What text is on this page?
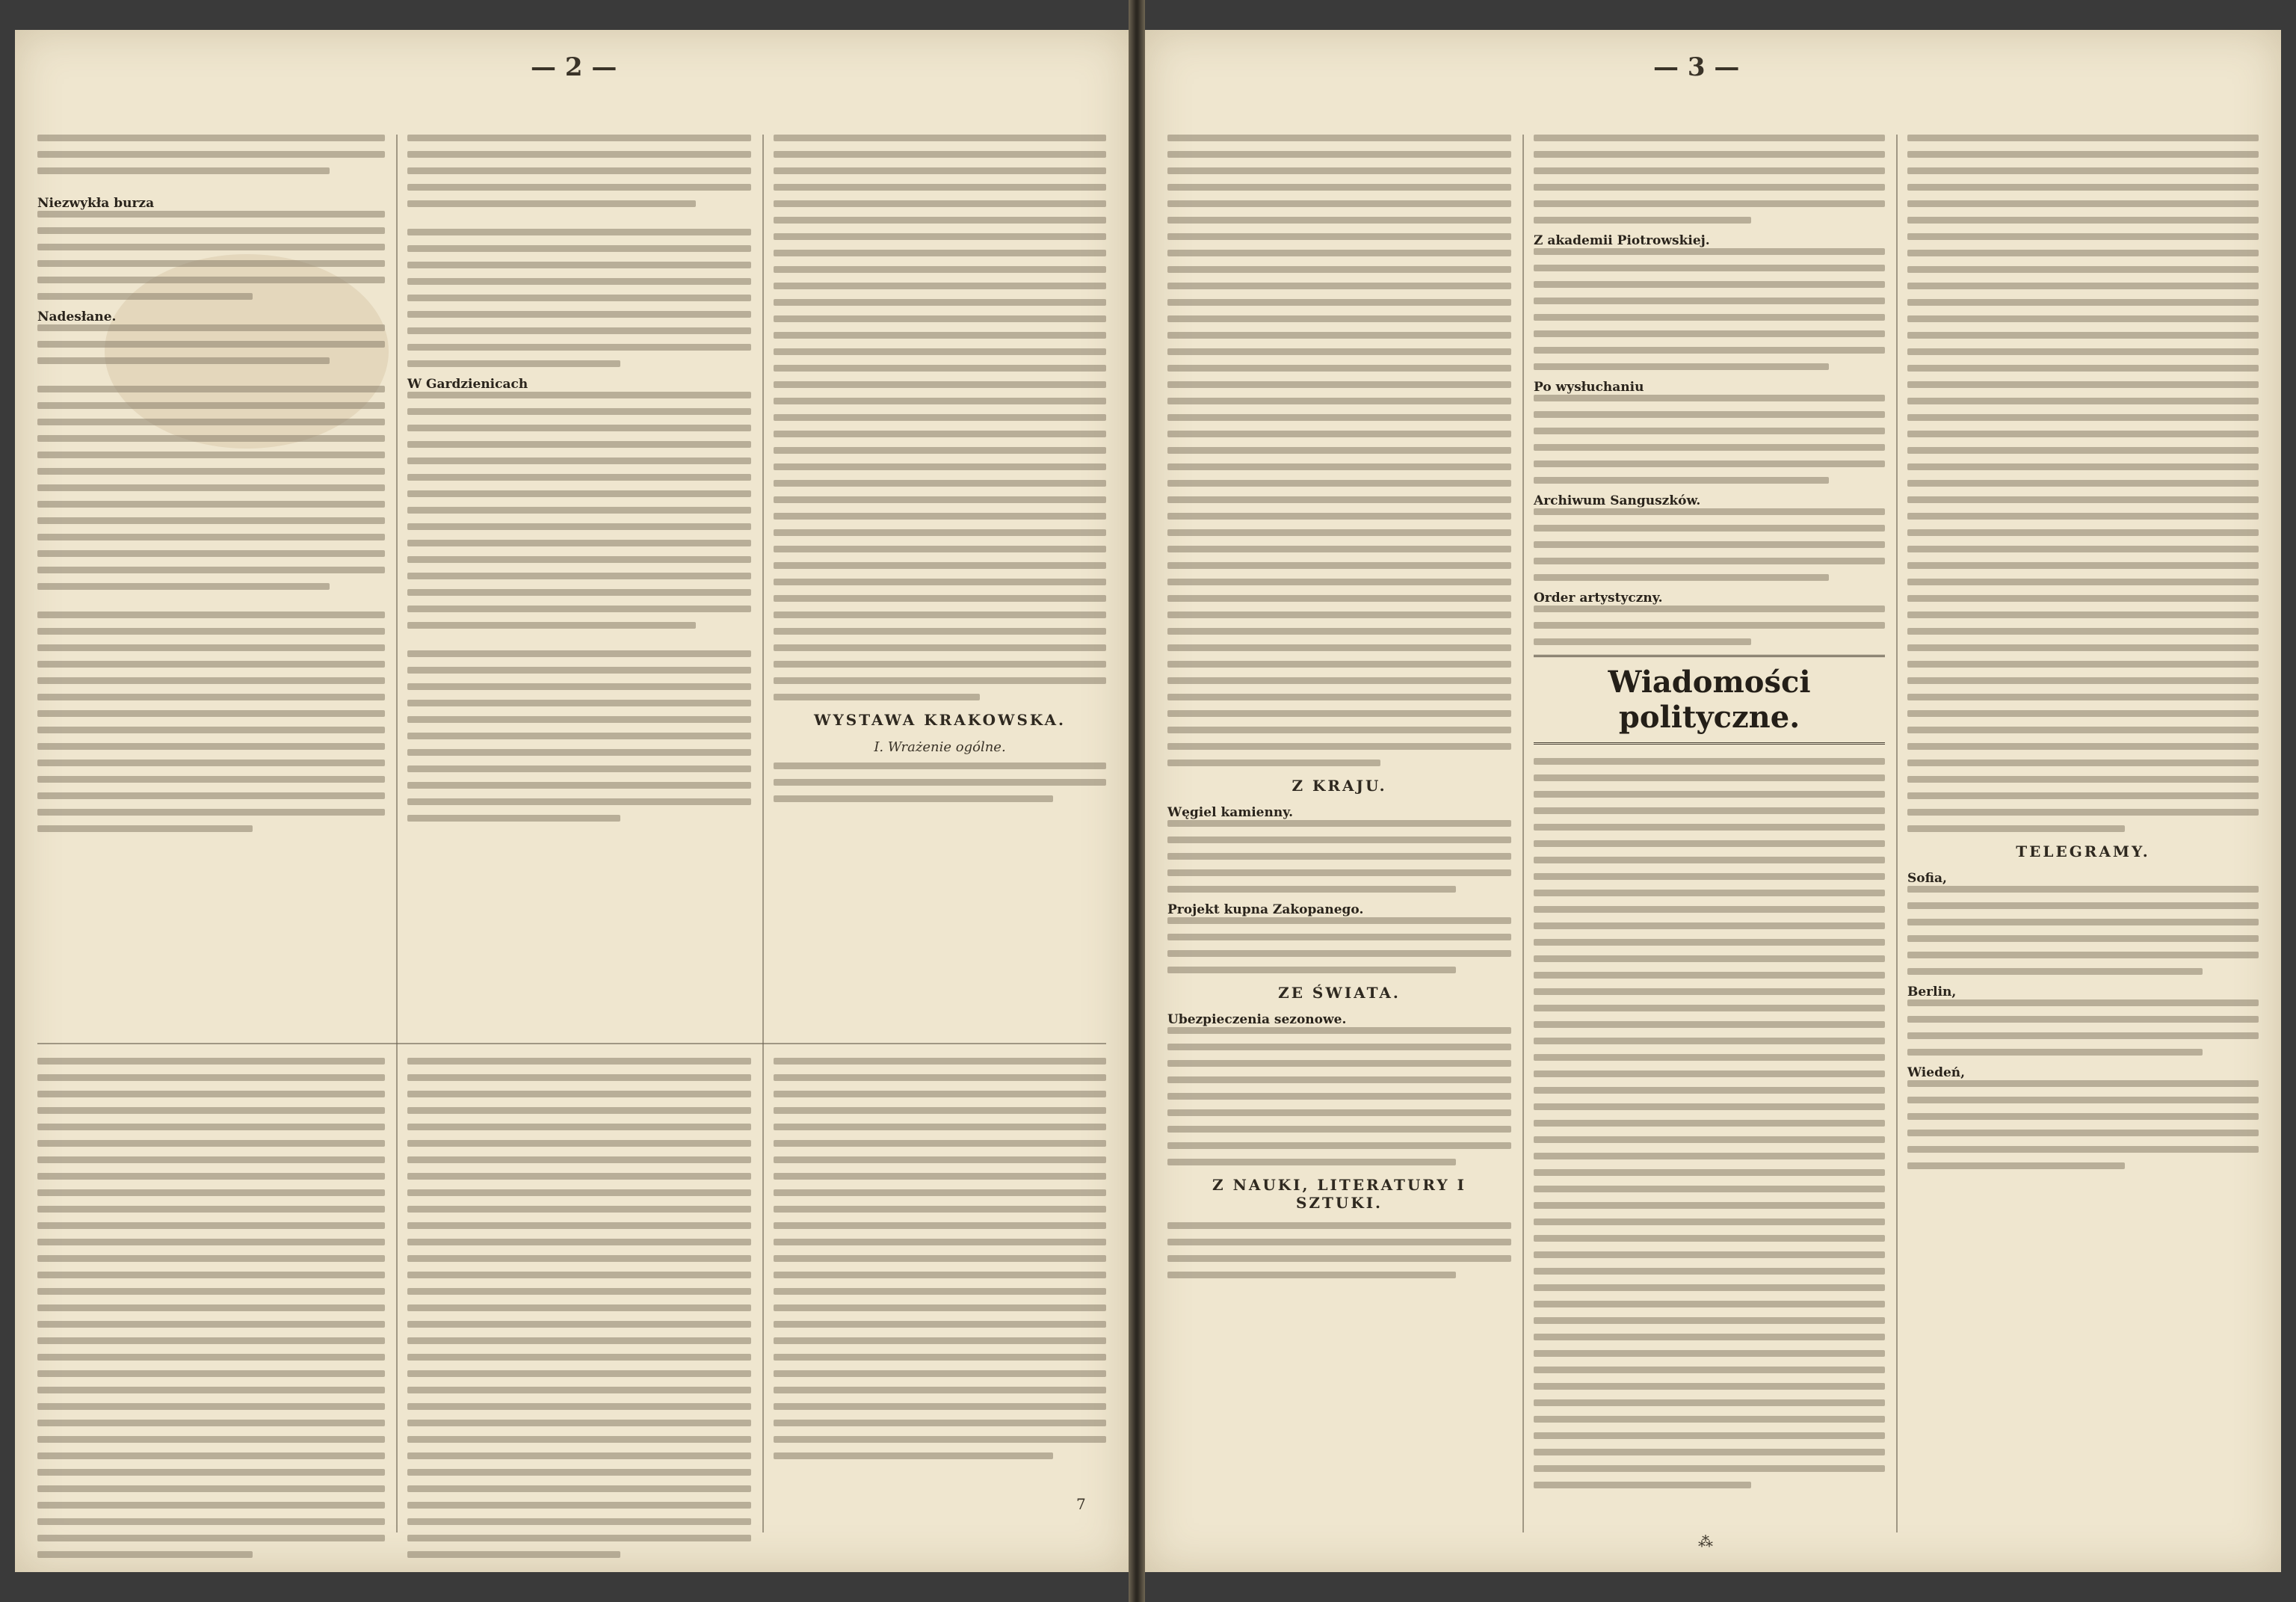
— 2 —
Niezwykła burza
Nadesłane.
W Gardzienicach
WYSTAWA KRAKOWSKA.
I. Wrażenie ogólne.
7
— 3 —
Z KRAJU.
Węgiel kamienny.
Projekt kupna Zakopanego.
ZE ŚWIATA.
Ubezpieczenia sezonowe.
Z NAUKI, LITERATURY I SZTUKI.
Z akademii Piotrowskiej.
Po wysłuchaniu
Archiwum Sanguszków.
Order artystyczny.
Wiadomości polityczne.
TELEGRAMY.
Sofia,
Berlin,
Wiedeń,
⁂
